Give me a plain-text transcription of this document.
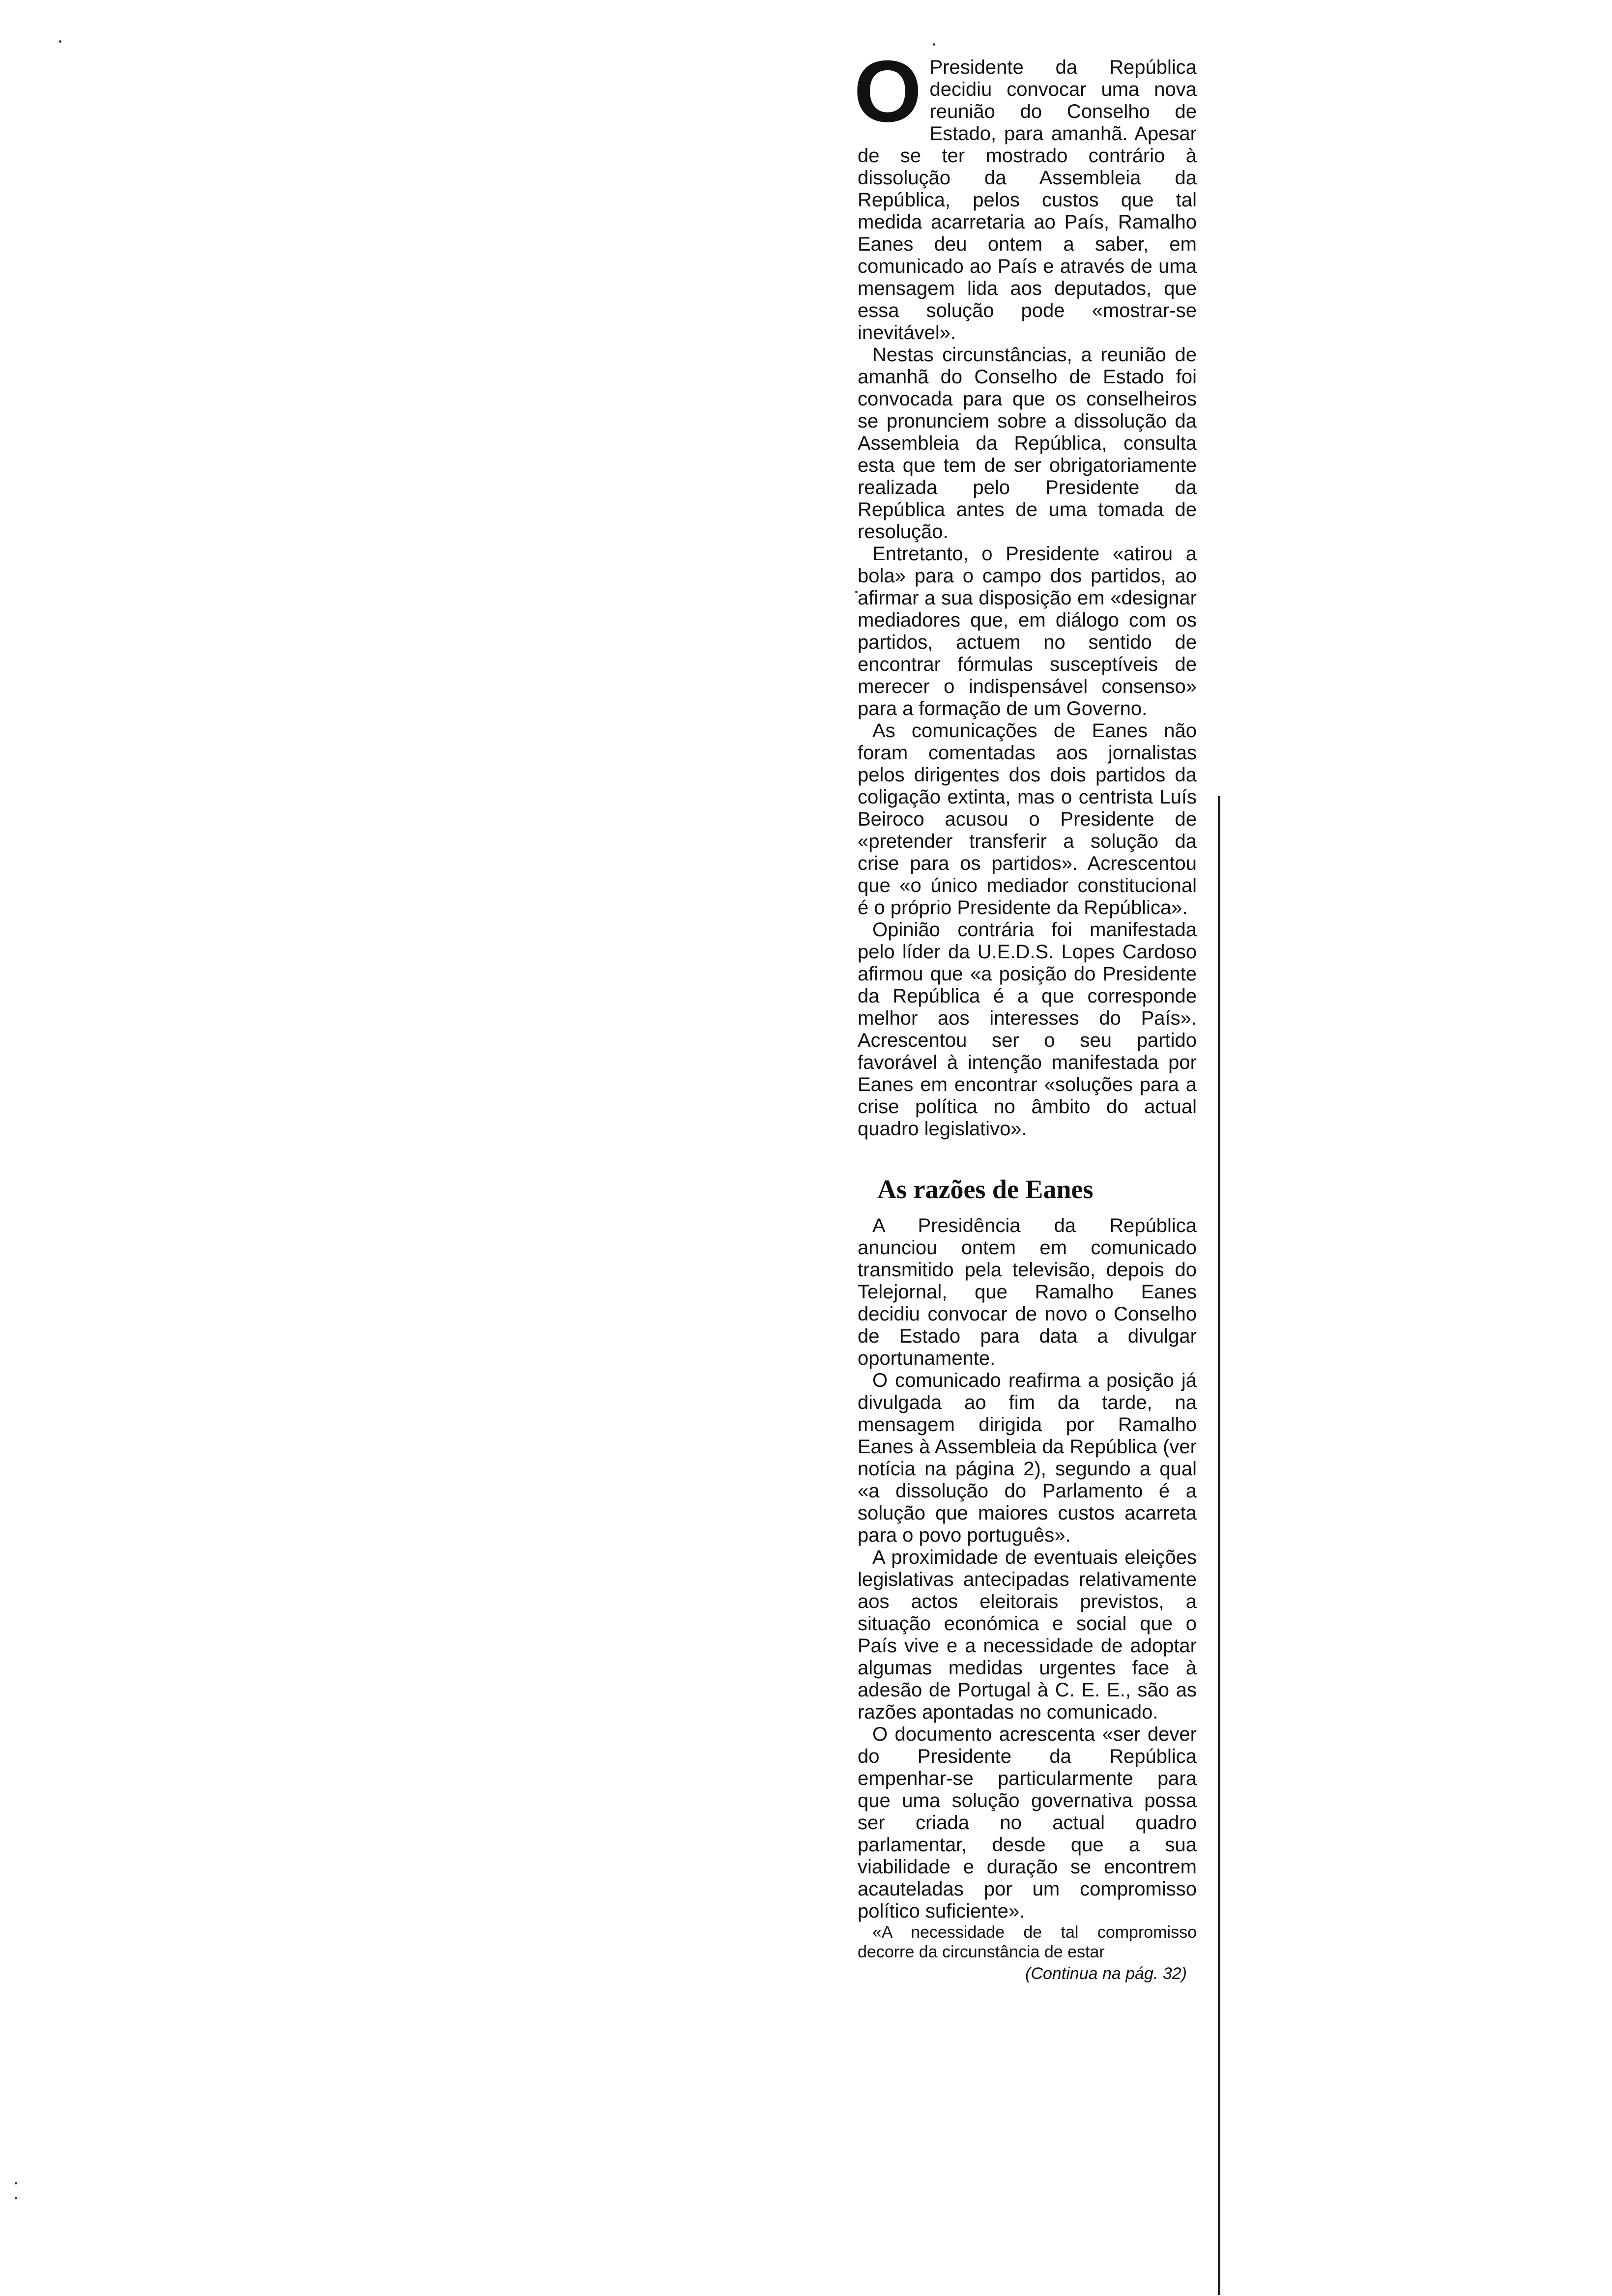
O Presidente da República decidiu convocar uma nova reunião do Conselho de Estado, para amanhã. Apesar de se ter mostrado contrário à dissolução da Assembleia da República, pelos custos que tal medida acarretaria ao País, Ramalho Eanes deu ontem a saber, em comunicado ao País e através de uma mensagem lida aos deputados, que essa solução pode «mostrar-se inevitável».

Nestas circunstâncias, a reunião de amanhã do Conselho de Estado foi convocada para que os conselheiros se pronunciem sobre a dissolução da Assembleia da República, consulta esta que tem de ser obrigatoriamente realizada pelo Presidente da República antes de uma tomada de resolução.

Entretanto, o Presidente «atirou a bola» para o campo dos partidos, ao afirmar a sua disposição em «designar mediadores que, em diálogo com os partidos, actuem no sentido de encontrar fórmulas susceptíveis de merecer o indispensável consenso» para a formação de um Governo.

As comunicações de Eanes não foram comentadas aos jornalistas pelos dirigentes dos dois partidos da coligação extinta, mas o centrista Luís Beiroco acusou o Presidente de «pretender transferir a solução da crise para os partidos». Acrescentou que «o único mediador constitucional é o próprio Presidente da República».

Opinião contrária foi manifestada pelo líder da U.E.D.S. Lopes Cardoso afirmou que «a posição do Presidente da República é a que corresponde melhor aos interesses do País». Acrescentou ser o seu partido favorável à intenção manifestada por Eanes em encontrar «soluções para a crise política no âmbito do actual quadro legislativo».

As razões de Eanes

A Presidência da República anunciou ontem em comunicado transmitido pela televisão, depois do Telejornal, que Ramalho Eanes decidiu convocar de novo o Conselho de Estado para data a divulgar oportunamente.

O comunicado reafirma a posição já divulgada ao fim da tarde, na mensagem dirigida por Ramalho Eanes à Assembleia da República (ver notícia na página 2), segundo a qual «a dissolução do Parlamento é a solução que maiores custos acarreta para o povo português».

A proximidade de eventuais eleições legislativas antecipadas relativamente aos actos eleitorais previstos, a situação económica e social que o País vive e a necessidade de adoptar algumas medidas urgentes face à adesão de Portugal à C. E. E., são as razões apontadas no comunicado.

O documento acrescenta «ser dever do Presidente da República empenhar-se particularmente para que uma solução governativa possa ser criada no actual quadro parlamentar, desde que a sua viabilidade e duração se encontrem acauteladas por um compromisso político suficiente».

«A necessidade de tal compromisso decorre da circunstância de estar

(Continua na pág. 32)
